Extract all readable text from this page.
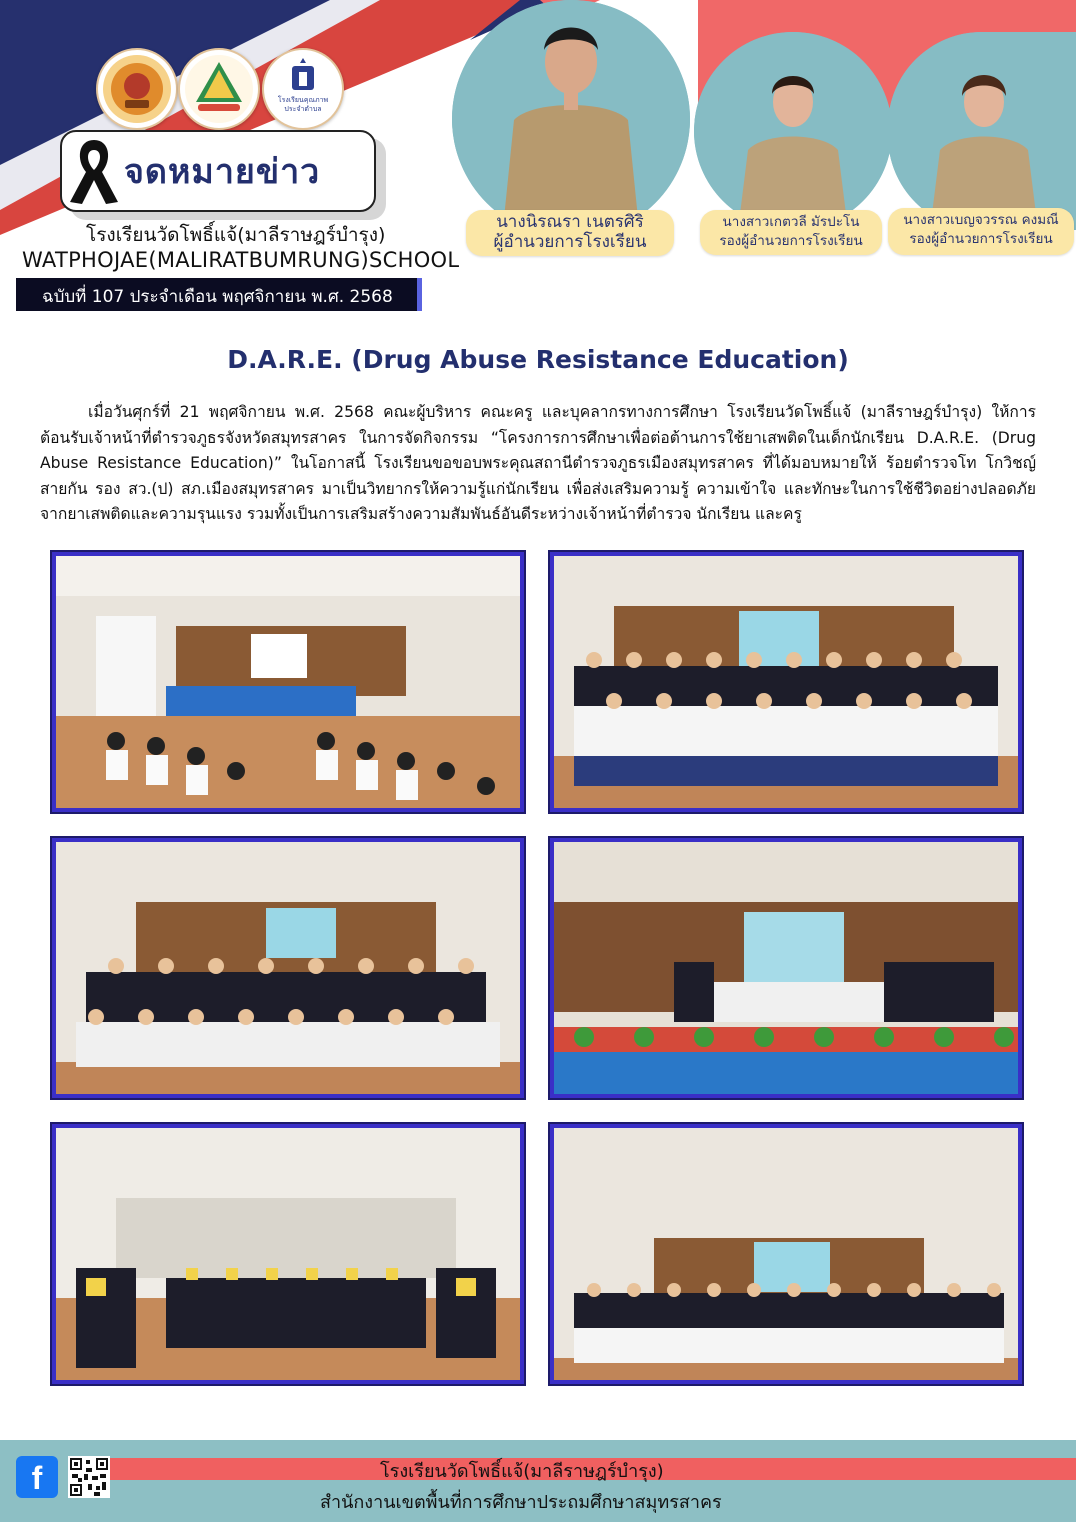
โรงเรียนคุณภาพ
ประจำตำบล
จดหมายข่าว
โรงเรียนวัดโพธิ์แจ้(มาลีราษฎร์บำรุง)
WATPHOJAE(MALIRATBUMRUNG)SCHOOL
ฉบับที่ 107 ประจำเดือน พฤศจิกายน พ.ศ. 2568
นางนิรณรา เนตรศิริ
ผู้อำนวยการโรงเรียน
นางสาวเกตวลี มัรปะโน
รองผู้อำนวยการโรงเรียน
นางสาวเบญจวรรณ คงมณี
รองผู้อำนวยการโรงเรียน
D.A.R.E. (Drug Abuse Resistance Education)
เมื่อวันศุกร์ที่ 21 พฤศจิกายน พ.ศ. 2568 คณะผู้บริหาร คณะครู และบุคลากรทางการศึกษา โรงเรียนวัดโพธิ์แจ้ (มาลีราษฎร์บำรุง) ให้การต้อนรับเจ้าหน้าที่ตำรวจภูธรจังหวัดสมุทรสาคร ในการจัดกิจกรรม “โครงการการศึกษาเพื่อต่อต้านการใช้ยาเสพติดในเด็กนักเรียน D.A.R.E. (Drug Abuse Resistance Education)” ในโอกาสนี้ โรงเรียนขอขอบพระคุณสถานีตำรวจภูธรเมืองสมุทรสาคร ที่ได้มอบหมายให้ ร้อยตำรวจโท โกวิชญ์ สายกัน รอง สว.(ป) สภ.เมืองสมุทรสาคร มาเป็นวิทยากรให้ความรู้แก่นักเรียน เพื่อส่งเสริมความรู้ ความเข้าใจ และทักษะในการใช้ชีวิตอย่างปลอดภัยจากยาเสพติดและความรุนแรง รวมทั้งเป็นการเสริมสร้างความสัมพันธ์อันดีระหว่างเจ้าหน้าที่ตำรวจ นักเรียน และครู
f	โรงเรียนวัดโพธิ์แจ้(มาลีราษฎร์บำรุง)
สำนักงานเขตพื้นที่การศึกษาประถมศึกษาสมุทรสาคร
